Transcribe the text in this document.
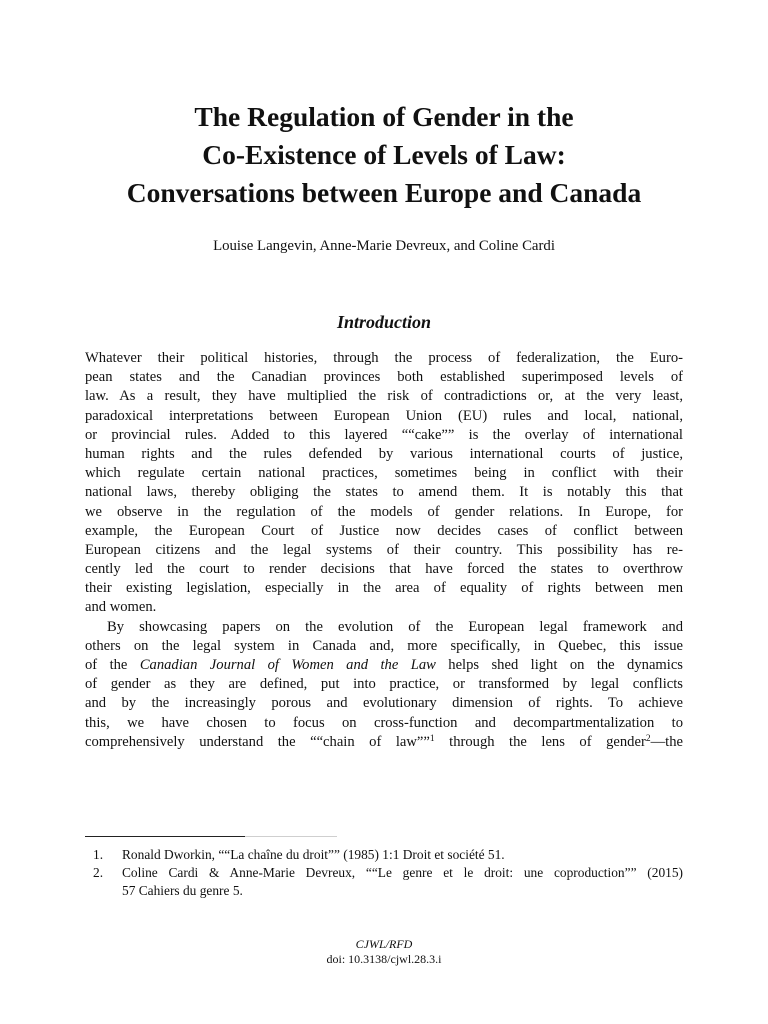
The Regulation of Gender in the
Co-Existence of Levels of Law:
Conversations between Europe and Canada
Louise Langevin, Anne-Marie Devreux, and Coline Cardi
Introduction
Whatever their political histories, through the process of federalization, the Euro-
pean states and the Canadian provinces both established superimposed levels of
law. As a result, they have multiplied the risk of contradictions or, at the very least,
paradoxical interpretations between European Union (EU) rules and local, national,
or provincial rules. Added to this layered ““cake”” is the overlay of international
human rights and the rules defended by various international courts of justice,
which regulate certain national practices, sometimes being in conflict with their
national laws, thereby obliging the states to amend them. It is notably this that
we observe in the regulation of the models of gender relations. In Europe, for
example, the European Court of Justice now decides cases of conflict between
European citizens and the legal systems of their country. This possibility has re-
cently led the court to render decisions that have forced the states to overthrow
their existing legislation, especially in the area of equality of rights between men
and women.
By showcasing papers on the evolution of the European legal framework and
others on the legal system in Canada and, more specifically, in Quebec, this issue
of the Canadian Journal of Women and the Law helps shed light on the dynamics
of gender as they are defined, put into practice, or transformed by legal conflicts
and by the increasingly porous and evolutionary dimension of rights. To achieve
this, we have chosen to focus on cross-function and decompartmentalization to
comprehensively understand the ““chain of law””$^1$ through the lens of gender$^2$—the
1. Ronald Dworkin, ““La chaîne du droit”” (1985) 1:1 Droit et société 51.
2. Coline Cardi & Anne-Marie Devreux, ““Le genre et le droit: une coproduction”” (2015)
57 Cahiers du genre 5.
CJWL/RFD
doi: 10.3138/cjwl.28.3.i
